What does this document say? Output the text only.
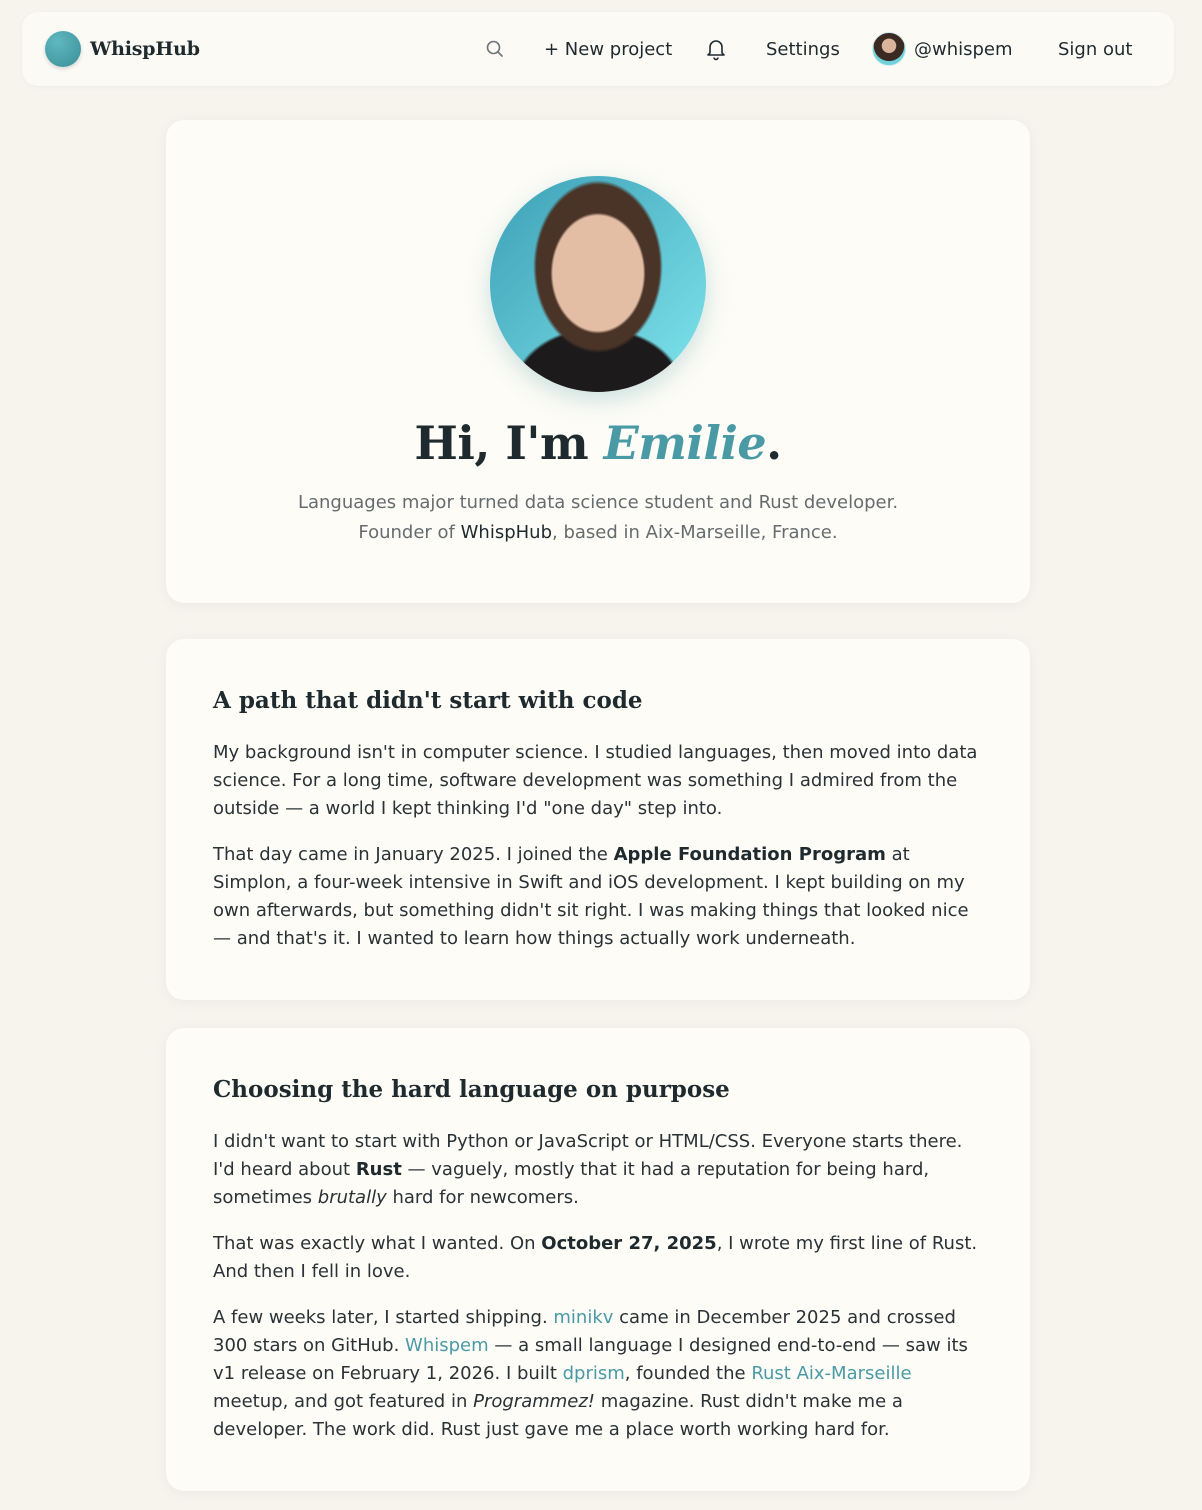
WhispHub	+ New project	Settings	@whispem	Sign out
Hi, I'm Emilie.
Languages major turned data science student and Rust developer. Founder of WhispHub, based in Aix-Marseille, France.
A path that didn't start with code

My background isn't in computer science. I studied languages, then moved into data science. For a long time, software development was something I admired from the outside — a world I kept thinking I'd "one day" step into.

That day came in January 2025. I joined the Apple Foundation Program at Simplon, a four-week intensive in Swift and iOS development. I kept building on my own afterwards, but something didn't sit right. I was making things that looked nice — and that's it. I wanted to learn how things actually work underneath.

Choosing the hard language on purpose

I didn't want to start with Python or JavaScript or HTML/CSS. Everyone starts there. I'd heard about Rust — vaguely, mostly that it had a reputation for being hard, sometimes brutally hard for newcomers.

That was exactly what I wanted. On October 27, 2025, I wrote my first line of Rust. And then I fell in love.

A few weeks later, I started shipping. minikv came in December 2025 and crossed 300 stars on GitHub. Whispem — a small language I designed end-to-end — saw its v1 release on February 1, 2026. I built dprism, founded the Rust Aix-Marseille meetup, and got featured in Programmez! magazine. Rust didn't make me a developer. The work did. Rust just gave me a place worth working hard for.
